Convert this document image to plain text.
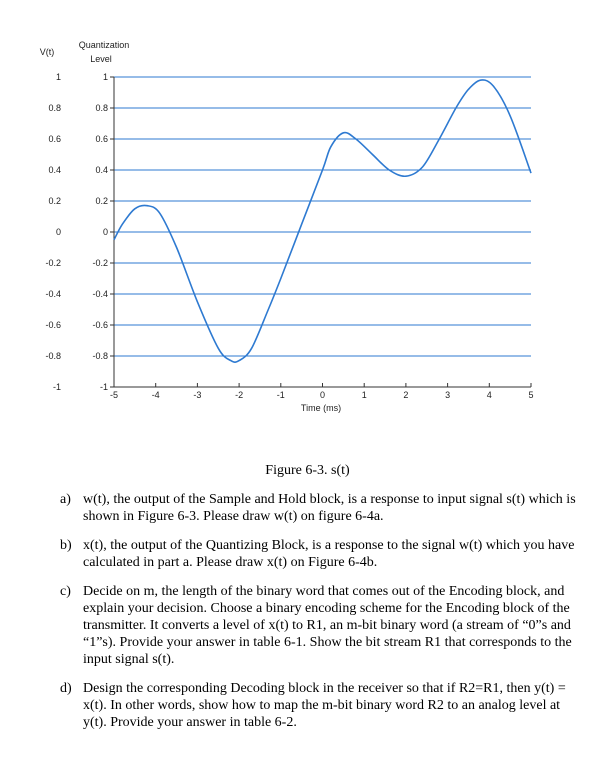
1	1
0.8	0.8
0.6	0.6
0.4	0.4
0.2	0.2
0	0
-0.2	-0.2
-0.4	-0.4
-0.6	-0.6
-0.8	-0.8
-1	-1
-5	-4	-3	-2	-1	0	1	2	3	4	5
V(t)
Quantization
Level
Time (ms)
Figure 6-3. s(t)
a) w(t), the output of the Sample and Hold block, is a response to input signal s(t) which is shown in Figure 6-3. Please draw w(t) on figure 6-4a.
b) x(t), the output of the Quantizing Block, is a response to the signal w(t) which you have calculated in part a. Please draw x(t) on Figure 6-4b.
c) Decide on m, the length of the binary word that comes out of the Encoding block, and explain your decision. Choose a binary encoding scheme for the Encoding block of the transmitter. It converts a level of x(t) to R1, an m-bit binary word (a stream of “0”s and “1”s). Provide your answer in table 6-1. Show the bit stream R1 that corresponds to the input signal s(t).
d) Design the corresponding Decoding block in the receiver so that if R2=R1, then y(t) = x(t). In other words, show how to map the m-bit binary word R2 to an analog level at y(t). Provide your answer in table 6-2.
